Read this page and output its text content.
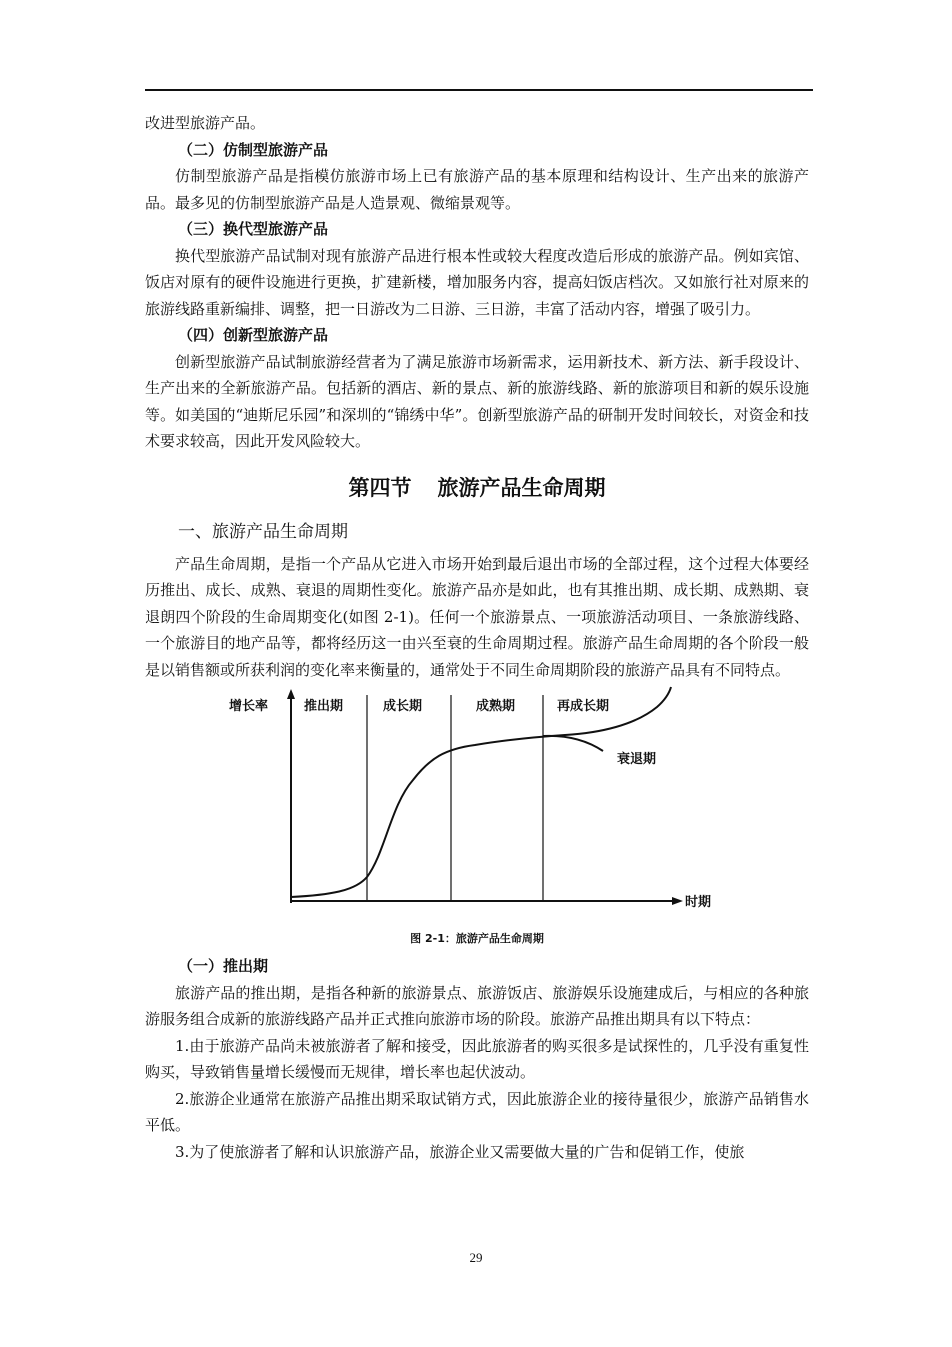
改进型旅游产品。

（二）仿制型旅游产品

仿制型旅游产品是指模仿旅游市场上已有旅游产品的基本原理和结构设计、生产出来的旅游产品。最多见的仿制型旅游产品是人造景观、微缩景观等。

（三）换代型旅游产品

换代型旅游产品试制对现有旅游产品进行根本性或较大程度改造后形成的旅游产品。例如宾馆、饭店对原有的硬件设施进行更换，扩建新楼，增加服务内容，提高妇饭店档次。又如旅行社对原来的旅游线路重新编排、调整，把一日游改为二日游、三日游，丰富了活动内容，增强了吸引力。

（四）创新型旅游产品

创新型旅游产品试制旅游经营者为了满足旅游市场新需求，运用新技术、新方法、新手段设计、生产出来的全新旅游产品。包括新的酒店、新的景点、新的旅游线路、新的旅游项目和新的娱乐设施等。如美国的“迪斯尼乐园”和深圳的“锦绣中华”。创新型旅游产品的研制开发时间较长，对资金和技术要求较高，因此开发风险较大。

第四节 旅游产品生命周期
一、旅游产品生命周期

产品生命周期，是指一个产品从它进入市场开始到最后退出市场的全部过程，这个过程大体要经历推出、成长、成熟、衰退的周期性变化。旅游产品亦是如此，也有其推出期、成长期、成熟期、衰退朗四个阶段的生命周期变化(如图 2-1)。任何一个旅游景点、一项旅游活动项目、一条旅游线路、一个旅游目的地产品等，都将经历这一由兴至衰的生命周期过程。旅游产品生命周期的各个阶段一般是以销售额或所获利润的变化率来衡量的，通常处于不同生命周期阶段的旅游产品具有不同特点。

增长率	推出期	成长期	成熟期	再成长期
衰退期
时期
图 2-1：旅游产品生命周期
（一）推出期

旅游产品的推出期，是指各种新的旅游景点、旅游饭店、旅游娱乐设施建成后，与相应的各种旅游服务组合成新的旅游线路产品并正式推向旅游市场的阶段。旅游产品推出期具有以下特点：

1.由于旅游产品尚未被旅游者了解和接受，因此旅游者的购买很多是试探性的，几乎没有重复性购买，导致销售量增长缓慢而无规律，增长率也起伏波动。

2.旅游企业通常在旅游产品推出期采取试销方式，因此旅游企业的接待量很少，旅游产品销售水平低。

3.为了使旅游者了解和认识旅游产品，旅游企业又需要做大量的广告和促销工作，使旅

29
